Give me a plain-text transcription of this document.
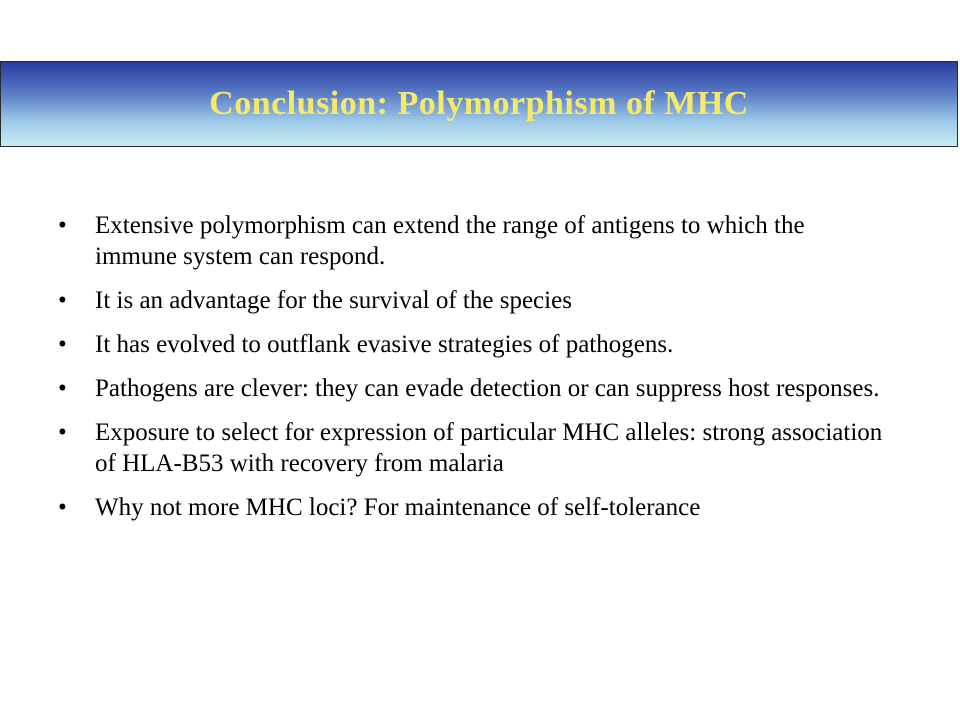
Conclusion: Polymorphism of MHC
• Extensive polymorphism can extend the range of antigens to which the immune system can respond.
• It is an advantage for the survival of the species
• It has evolved to outflank evasive strategies of pathogens.
• Pathogens are clever: they can evade detection or can suppress host responses.
• Exposure to select for expression of particular MHC alleles: strong association of HLA-B53 with recovery from malaria
• Why not more MHC loci? For maintenance of self-tolerance
